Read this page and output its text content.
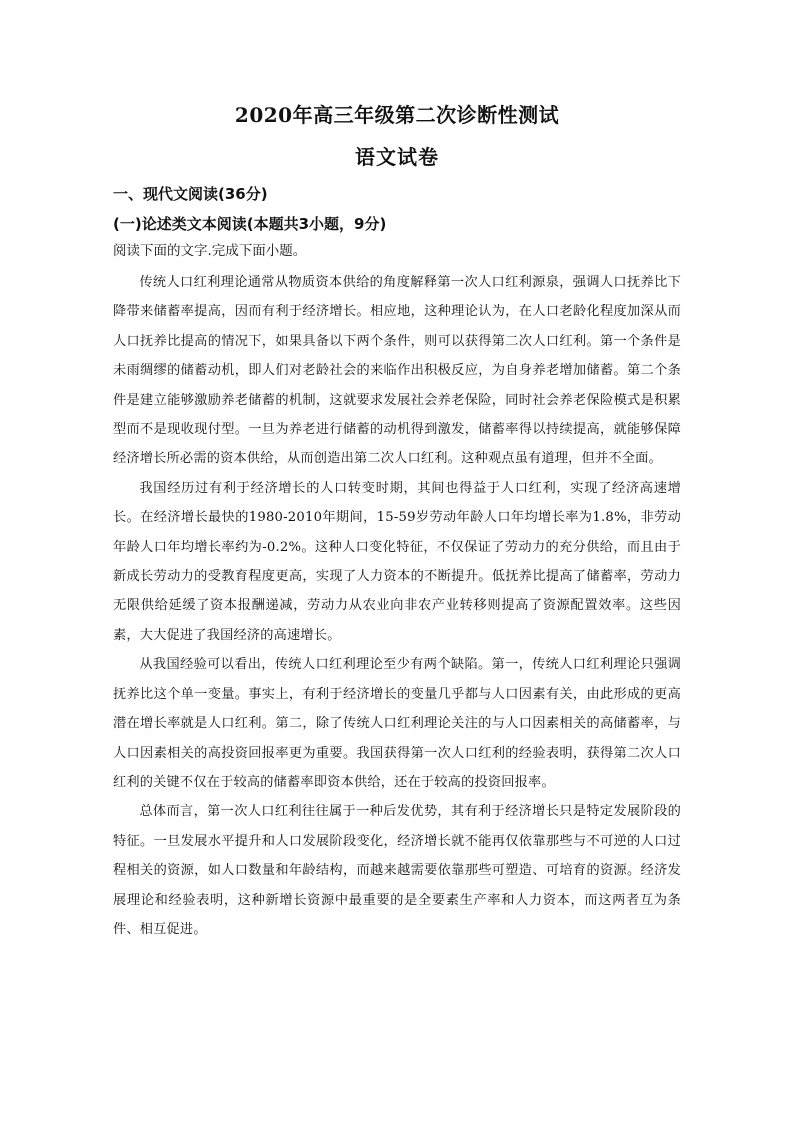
2020年高三年级第二次诊断性测试
语文试卷
一、现代文阅读(36分)
(一)论述类文本阅读(本题共3小题，9分)
阅读下面的文字.完成下面小题。

传统人口红利理论通常从物质资本供给的角度解释第一次人口红利源泉，强调人口抚养比下降带来储蓄率提高，因而有利于经济增长。相应地，这种理论认为，在人口老龄化程度加深从而人口抚养比提高的情况下，如果具备以下两个条件，则可以获得第二次人口红利。第一个条件是未雨绸缪的储蓄动机，即人们对老龄社会的来临作出积极反应，为自身养老增加储蓄。第二个条件是建立能够激励养老储蓄的机制，这就要求发展社会养老保险，同时社会养老保险模式是积累型而不是现收现付型。一旦为养老进行储蓄的动机得到激发，储蓄率得以持续提高，就能够保障经济增长所必需的资本供给，从而创造出第二次人口红利。这种观点虽有道理，但并不全面。

我国经历过有利于经济增长的人口转变时期，其间也得益于人口红利，实现了经济高速增长。在经济增长最快的1980-2010年期间，15-59岁劳动年龄人口年均增长率为1.8%，非劳动年龄人口年均增长率约为-0.2%。这种人口变化特征，不仅保证了劳动力的充分供给，而且由于新成长劳动力的受教育程度更高，实现了人力资本的不断提升。低抚养比提高了储蓄率，劳动力无限供给延缓了资本报酬递减，劳动力从农业向非农产业转移则提高了资源配置效率。这些因素，大大促进了我国经济的高速增长。

从我国经验可以看出，传统人口红利理论至少有两个缺陷。第一，传统人口红利理论只强调抚养比这个单一变量。事实上，有利于经济增长的变量几乎都与人口因素有关，由此形成的更高潜在增长率就是人口红利。第二，除了传统人口红利理论关注的与人口因素相关的高储蓄率，与人口因素相关的高投资回报率更为重要。我国获得第一次人口红利的经验表明，获得第二次人口红利的关键不仅在于较高的储蓄率即资本供给，还在于较高的投资回报率。

总体而言，第一次人口红利往往属于一种后发优势，其有利于经济增长只是特定发展阶段的特征。一旦发展水平提升和人口发展阶段变化，经济增长就不能再仅依靠那些与不可逆的人口过程相关的资源，如人口数量和年龄结构，而越来越需要依靠那些可塑造、可培育的资源。经济发展理论和经验表明，这种新增长资源中最重要的是全要素生产率和人力资本，而这两者互为条件、相互促进。
